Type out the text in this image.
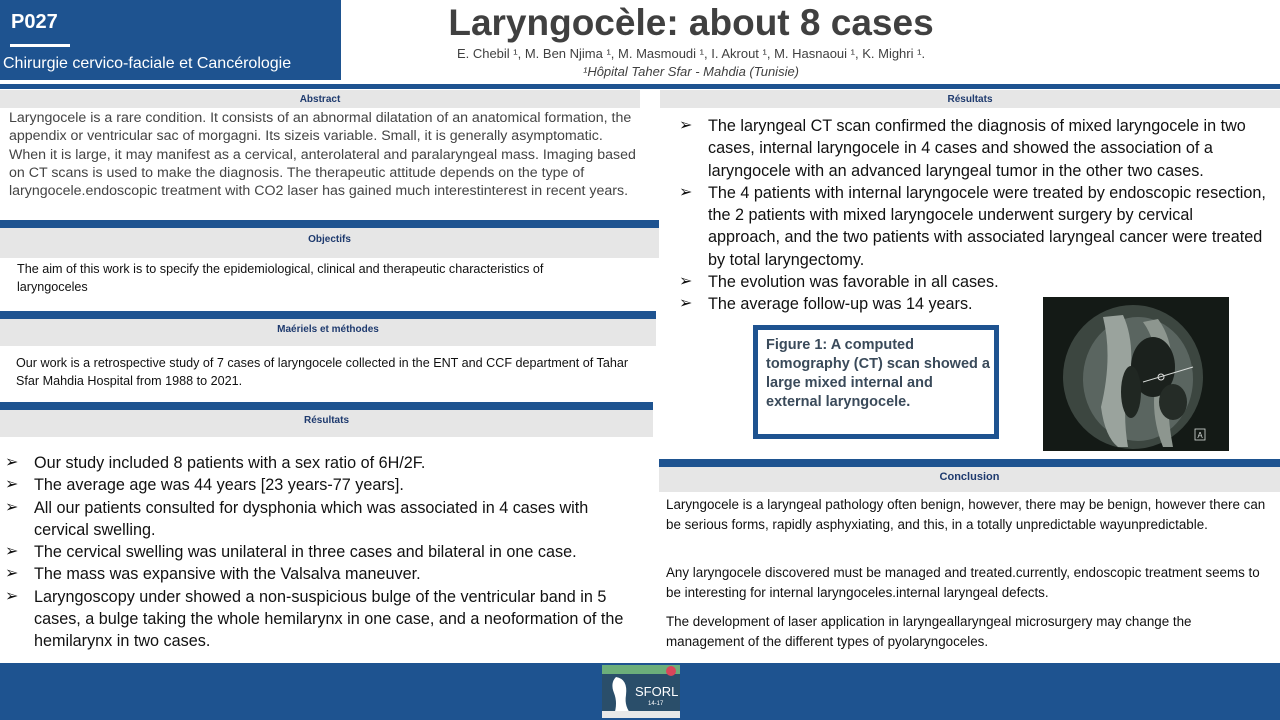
P027
Chirurgie cervico-faciale et Cancérologie
Laryngocèle: about 8 cases
E. Chebil ¹, M. Ben Njima ¹, M. Masmoudi ¹, I. Akrout ¹, M. Hasnaoui ¹, K. Mighri ¹.
¹Hôpital Taher Sfar - Mahdia (Tunisie)
Abstract
Laryngocele is a rare condition. It consists of an abnormal dilatation of an anatomical formation, the appendix or ventricular sac of morgagni. Its sizeis variable. Small, it is generally asymptomatic. When it is large, it may manifest as a cervical, anterolateral and paralaryngeal mass. Imaging based on CT scans is used to make the diagnosis. The therapeutic attitude depends on the type of laryngocele.endoscopic treatment with CO2 laser has gained much interestinterest in recent years.
Objectifs
The aim of this work is to specify the epidemiological, clinical and therapeutic characteristics of laryngoceles
Maériels et méthodes
Our work is a retrospective study of 7 cases of laryngocele collected in the ENT and CCF department of Tahar Sfar Mahdia Hospital from 1988 to 2021.
Résultats
➢ Our study included 8 patients with a sex ratio of 6H/2F.
➢ The average age was 44 years [23 years-77 years].
➢ All our patients consulted for dysphonia which was associated in 4 cases with cervical swelling.
➢ The cervical swelling was unilateral in three cases and bilateral in one case.
➢ The mass was expansive with the Valsalva maneuver.
➢ Laryngoscopy under showed a non-suspicious bulge of the ventricular band in 5 cases, a bulge taking the whole hemilarynx in one case, and a neoformation of the hemilarynx in two cases.
Résultats
➢ The laryngeal CT scan confirmed the diagnosis of mixed laryngocele in two cases, internal laryngocele in 4 cases and showed the association of a laryngocele with an advanced laryngeal tumor in the other two cases.
➢ The 4 patients with internal laryngocele were treated by endoscopic resection, the 2 patients with mixed laryngocele underwent surgery by cervical approach, and the two patients with associated laryngeal cancer were treated by total laryngectomy.
➢ The evolution was favorable in all cases.
➢ The average follow-up was 14 years.
Figure 1: A computed tomography (CT) scan showed a large mixed internal and external laryngocele.
A
Conclusion

Laryngocele is a laryngeal pathology often benign, however, there may be benign, however there can be serious forms, rapidly asphyxiating, and this, in a totally unpredictable wayunpredictable.

Any laryngocele discovered must be managed and treated.currently, endoscopic treatment seems to be interesting for internal laryngoceles.internal laryngeal defects.

The development of laser application in laryngeallaryngeal microsurgery may change the management of the different types of pyolaryngoceles.

SFORL
14-17
